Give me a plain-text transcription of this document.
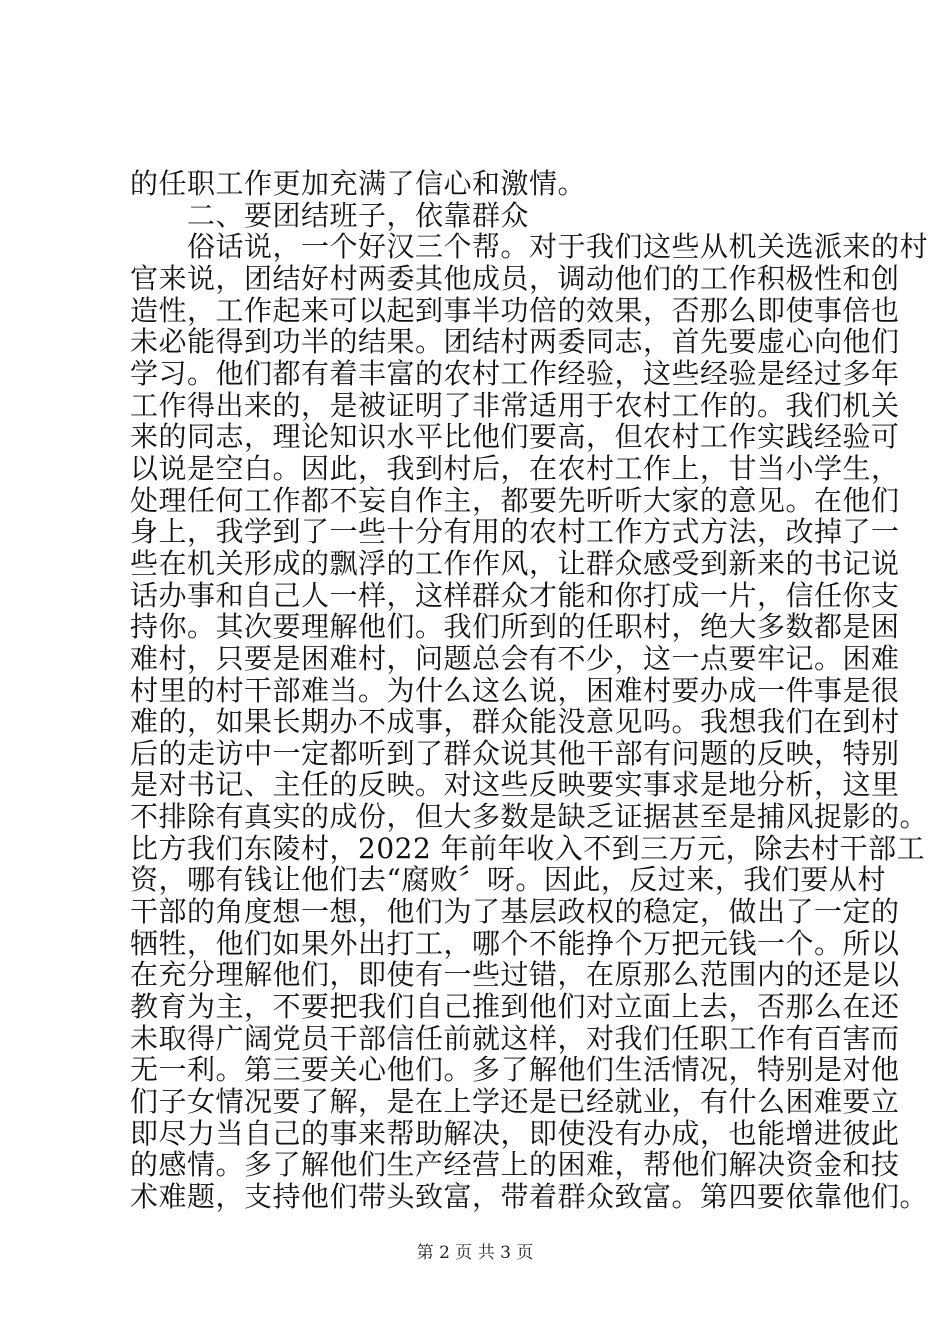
的任职工作更加充满了信心和激情。
　　二、要团结班子，依靠群众
　　俗话说，一个好汉三个帮。对于我们这些从机关选派来的村
官来说，团结好村两委其他成员，调动他们的工作积极性和创
造性，工作起来可以起到事半功倍的效果，否那么即使事倍也
未必能得到功半的结果。团结村两委同志，首先要虚心向他们
学习。他们都有着丰富的农村工作经验，这些经验是经过多年
工作得出来的，是被证明了非常适用于农村工作的。我们机关
来的同志，理论知识水平比他们要高，但农村工作实践经验可
以说是空白。因此，我到村后，在农村工作上，甘当小学生，
处理任何工作都不妄自作主，都要先听听大家的意见。在他们
身上，我学到了一些十分有用的农村工作方式方法，改掉了一
些在机关形成的飘浮的工作作风，让群众感受到新来的书记说
话办事和自己人一样，这样群众才能和你打成一片，信任你支
持你。其次要理解他们。我们所到的任职村，绝大多数都是困
难村，只要是困难村，问题总会有不少，这一点要牢记。困难
村里的村干部难当。为什么这么说，困难村要办成一件事是很
难的，如果长期办不成事，群众能没意见吗。我想我们在到村
后的走访中一定都听到了群众说其他干部有问题的反映，特别
是对书记、主任的反映。对这些反映要实事求是地分析，这里
不排除有真实的成份，但大多数是缺乏证据甚至是捕风捉影的。
比方我们东陵村，2022 年前年收入不到三万元，除去村干部工
资，哪有钱让他们去“腐败〞呀。因此，反过来，我们要从村
干部的角度想一想，他们为了基层政权的稳定，做出了一定的
牺牲，他们如果外出打工，哪个不能挣个万把元钱一个。所以
在充分理解他们，即使有一些过错，在原那么范围内的还是以
教育为主，不要把我们自己推到他们对立面上去，否那么在还
未取得广阔党员干部信任前就这样，对我们任职工作有百害而
无一利。第三要关心他们。多了解他们生活情况，特别是对他
们子女情况要了解，是在上学还是已经就业，有什么困难要立
即尽力当自己的事来帮助解决，即使没有办成，也能增进彼此
的感情。多了解他们生产经营上的困难，帮他们解决资金和技
术难题，支持他们带头致富，带着群众致富。第四要依靠他们。
第 2 页 共 3 页
